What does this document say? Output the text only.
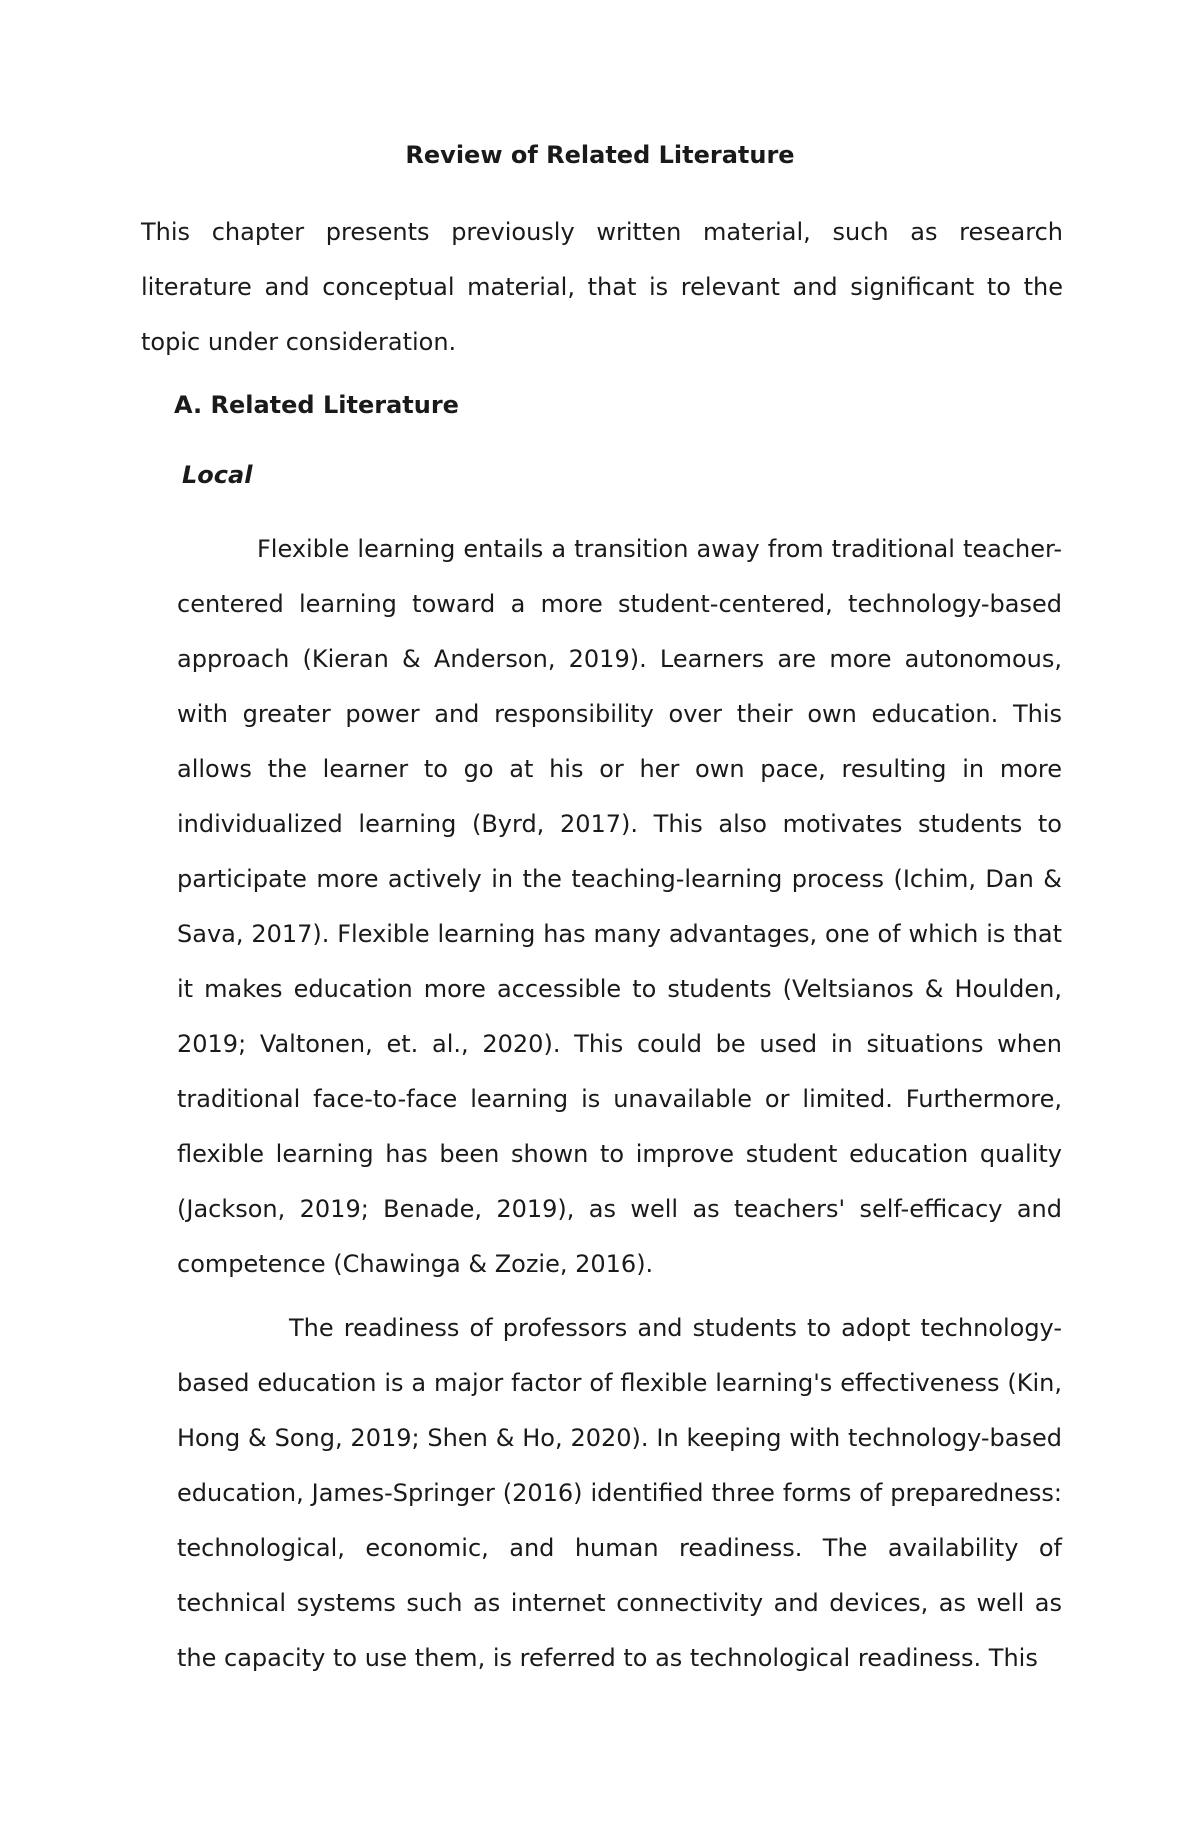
Review of Related Literature

This chapter presents previously written material, such as research literature and conceptual material, that is relevant and significant to the topic under consideration.

A. Related Literature
Local

Flexible learning entails a transition away from traditional teacher-centered learning toward a more student-centered, technology-based approach (Kieran & Anderson, 2019). Learners are more autonomous, with greater power and responsibility over their own education. This allows the learner to go at his or her own pace, resulting in more individualized learning (Byrd, 2017). This also motivates students to participate more actively in the teaching-learning process (Ichim, Dan & Sava, 2017). Flexible learning has many advantages, one of which is that it makes education more accessible to students (Veltsianos & Houlden, 2019; Valtonen, et. al., 2020). This could be used in situations when traditional face-to-face learning is unavailable or limited. Furthermore, flexible learning has been shown to improve student education quality (Jackson, 2019; Benade, 2019), as well as teachers' self-efficacy and competence (Chawinga & Zozie, 2016).

The readiness of professors and students to adopt technology-based education is a major factor of flexible learning's effectiveness (Kin, Hong & Song, 2019; Shen & Ho, 2020). In keeping with technology-based education, James-Springer (2016) identified three forms of preparedness: technological, economic, and human readiness. The availability of technical systems such as internet connectivity and devices, as well as the capacity to use them, is referred to as technological readiness. This
